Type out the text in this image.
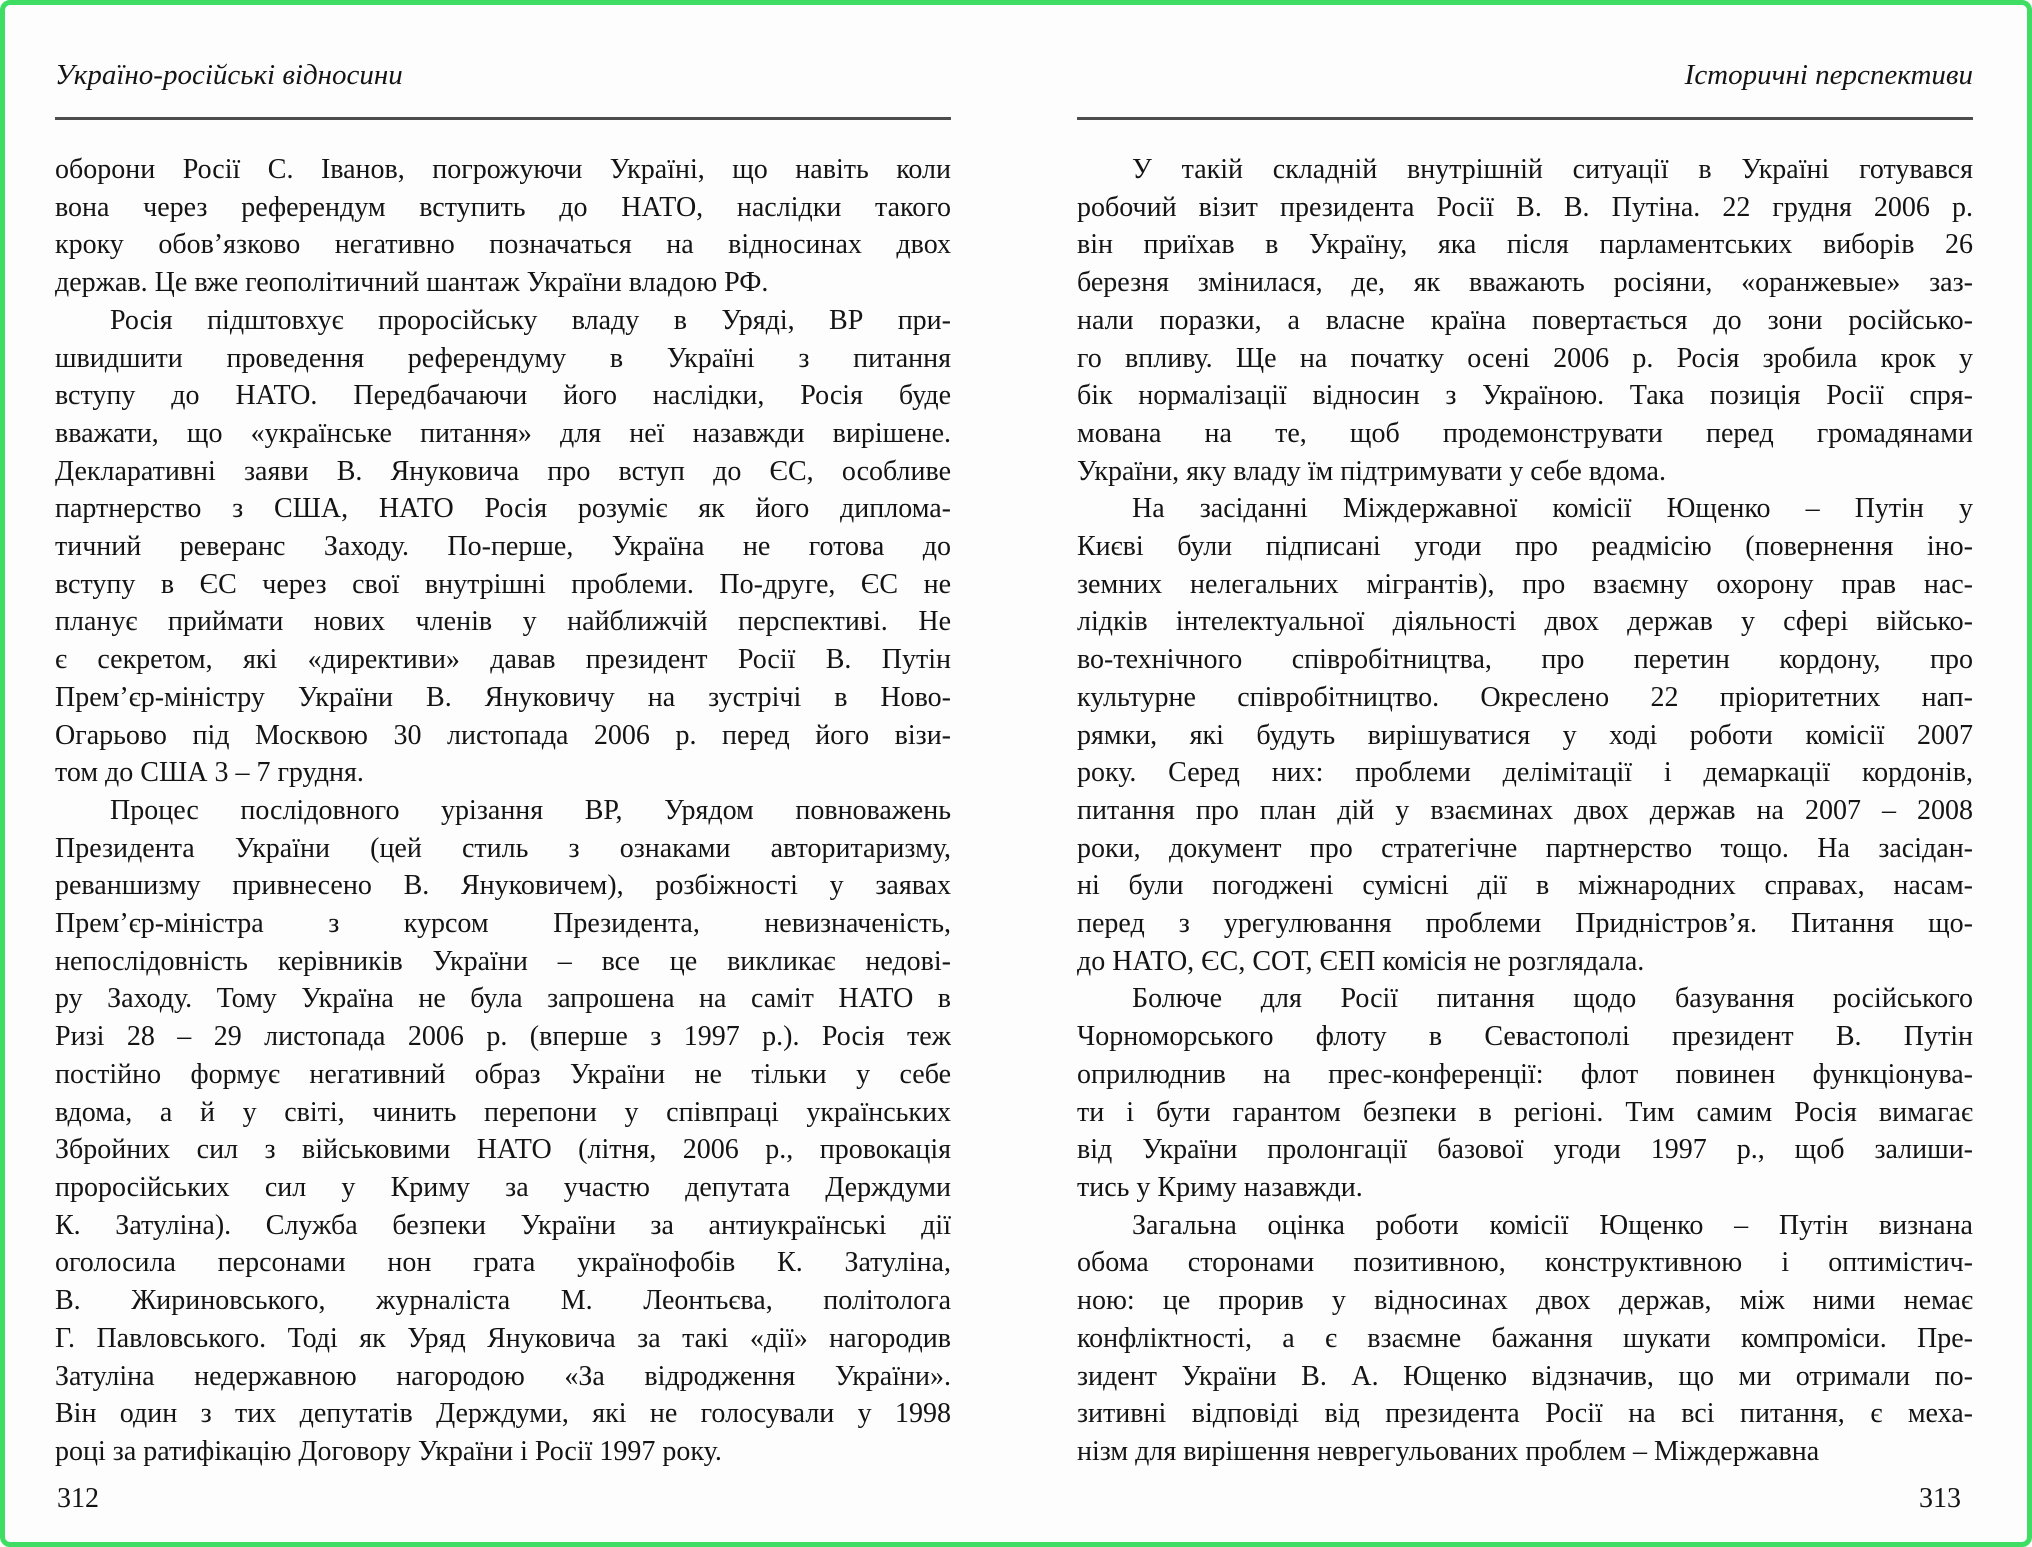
Україно-російські відносини
оборони Росії С. Іванов, погрожуючи Україні, що навіть коли
вона через референдум вступить до НАТО, наслідки такого
кроку обов’язково негативно позначаться на відносинах двох
держав. Це вже геополітичний шантаж України владою РФ.
Росія підштовхує проросійську владу в Уряді, ВР при-
швидшити проведення референдуму в Україні з питання
вступу до НАТО. Передбачаючи його наслідки, Росія буде
вважати, що «українське питання» для неї назавжди вирішене.
Декларативні заяви В. Януковича про вступ до ЄС, особливе
партнерство з США, НАТО Росія розуміє як його диплома-
тичний реверанс Заходу. По-перше, Україна не готова до
вступу в ЄС через свої внутрішні проблеми. По-друге, ЄС не
планує приймати нових членів у найближчій перспективі. Не
є секретом, які «директиви» давав президент Росії В. Путін
Прем’єр-міністру України В. Януковичу на зустрічі в Ново-
Огарьово під Москвою 30 листопада 2006 р. перед його візи-
том до США 3 – 7 грудня.
Процес послідовного урізання ВР, Урядом повноважень
Президента України (цей стиль з ознаками авторитаризму,
реваншизму привнесено В. Януковичем), розбіжності у заявах
Прем’єр-міністра з курсом Президента, невизначеність,
непослідовність керівників України – все це викликає недові-
ру Заходу. Тому Україна не була запрошена на саміт НАТО в
Ризі 28 – 29 листопада 2006 р. (вперше з 1997 р.). Росія теж
постійно формує негативний образ України не тільки у себе
вдома, а й у світі, чинить перепони у співпраці українських
Збройних сил з військовими НАТО (літня, 2006 р., провокація
проросійських сил у Криму за участю депутата Держдуми
К. Затуліна). Служба безпеки України за антиукраїнські дії
оголосила персонами нон грата українофобів К. Затуліна,
В. Жириновського, журналіста М. Леонтьєва, політолога
Г. Павловського. Тоді як Уряд Януковича за такі «дії» нагородив
Затуліна недержавною нагородою «За відродження України».
Він один з тих депутатів Держдуми, які не голосували у 1998
році за ратифікацію Договору України і Росії 1997 року.
312
Історичні перспективи
У такій складній внутрішній ситуації в Україні готувався
робочий візит президента Росії В. В. Путіна. 22 грудня 2006 р.
він приїхав в Україну, яка після парламентських виборів 26
березня змінилася, де, як вважають росіяни, «оранжевые» заз-
нали поразки, а власне країна повертається до зони російсько-
го впливу. Ще на початку осені 2006 р. Росія зробила крок у
бік нормалізації відносин з Україною. Така позиція Росії спря-
мована на те, щоб продемонструвати перед громадянами
України, яку владу їм підтримувати у себе вдома.
На засіданні Міждержавної комісії Ющенко – Путін у
Києві були підписані угоди про реадмісію (повернення іно-
земних нелегальних мігрантів), про взаємну охорону прав нас-
лідків інтелектуальної діяльності двох держав у сфері військо-
во-технічного співробітництва, про перетин кордону, про
культурне співробітництво. Окреслено 22 пріоритетних нап-
рямки, які будуть вирішуватися у ході роботи комісії 2007
року. Серед них: проблеми делімітації і демаркації кордонів,
питання про план дій у взаєминах двох держав на 2007 – 2008
роки, документ про стратегічне партнерство тощо. На засідан-
ні були погоджені сумісні дії в міжнародних справах, насам-
перед з урегулювання проблеми Придністров’я. Питання що-
до НАТО, ЄС, СОТ, ЄЕП комісія не розглядала.
Болюче для Росії питання щодо базування російського
Чорноморського флоту в Севастополі президент В. Путін
оприлюднив на прес-конференції: флот повинен функціонува-
ти і бути гарантом безпеки в регіоні. Тим самим Росія вимагає
від України пролонгації базової угоди 1997 р., щоб залиши-
тись у Криму назавжди.
Загальна оцінка роботи комісії Ющенко – Путін визнана
обома сторонами позитивною, конструктивною і оптимістич-
ною: це прорив у відносинах двох держав, між ними немає
конфліктності, а є взаємне бажання шукати компроміси. Пре-
зидент України В. А. Ющенко відзначив, що ми отримали по-
зитивні відповіді від президента Росії на всі питання, є меха-
нізм для вирішення неврегульованих проблем – Міждержавна
313
